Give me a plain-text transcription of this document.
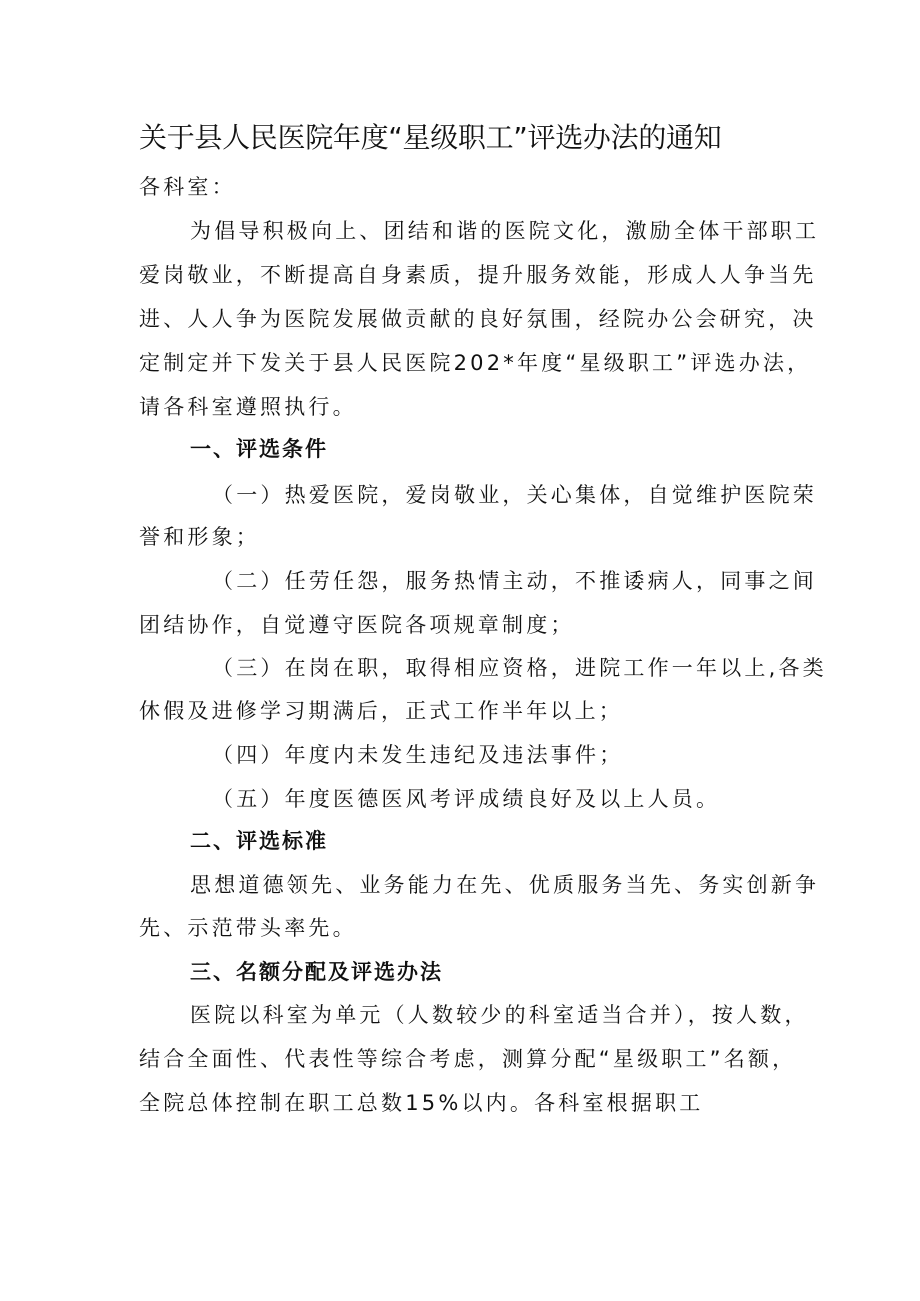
关于县人民医院年度“星级职工”评选办法的通知
各科室：
为倡导积极向上、团结和谐的医院文化，激励全体干部职工
爱岗敬业，不断提高自身素质，提升服务效能，形成人人争当先
进、人人争为医院发展做贡献的良好氛围，经院办公会研究，决
定制定并下发关于县人民医院202*年度“星级职工”评选办法，
请各科室遵照执行。
一、评选条件
（一）热爱医院，爱岗敬业，关心集体，自觉维护医院荣
誉和形象；
（二）任劳任怨，服务热情主动，不推诿病人，同事之间
团结协作，自觉遵守医院各项规章制度；
（三）在岗在职，取得相应资格，进院工作一年以上,各类
休假及进修学习期满后，正式工作半年以上；
（四）年度内未发生违纪及违法事件；
（五）年度医德医风考评成绩良好及以上人员。
二、评选标准
思想道德领先、业务能力在先、优质服务当先、务实创新争
先、示范带头率先。
三、名额分配及评选办法
医院以科室为单元（人数较少的科室适当合并），按人数，
结合全面性、代表性等综合考虑，测算分配“星级职工”名额，
全院总体控制在职工总数15%以内。各科室根据职工
